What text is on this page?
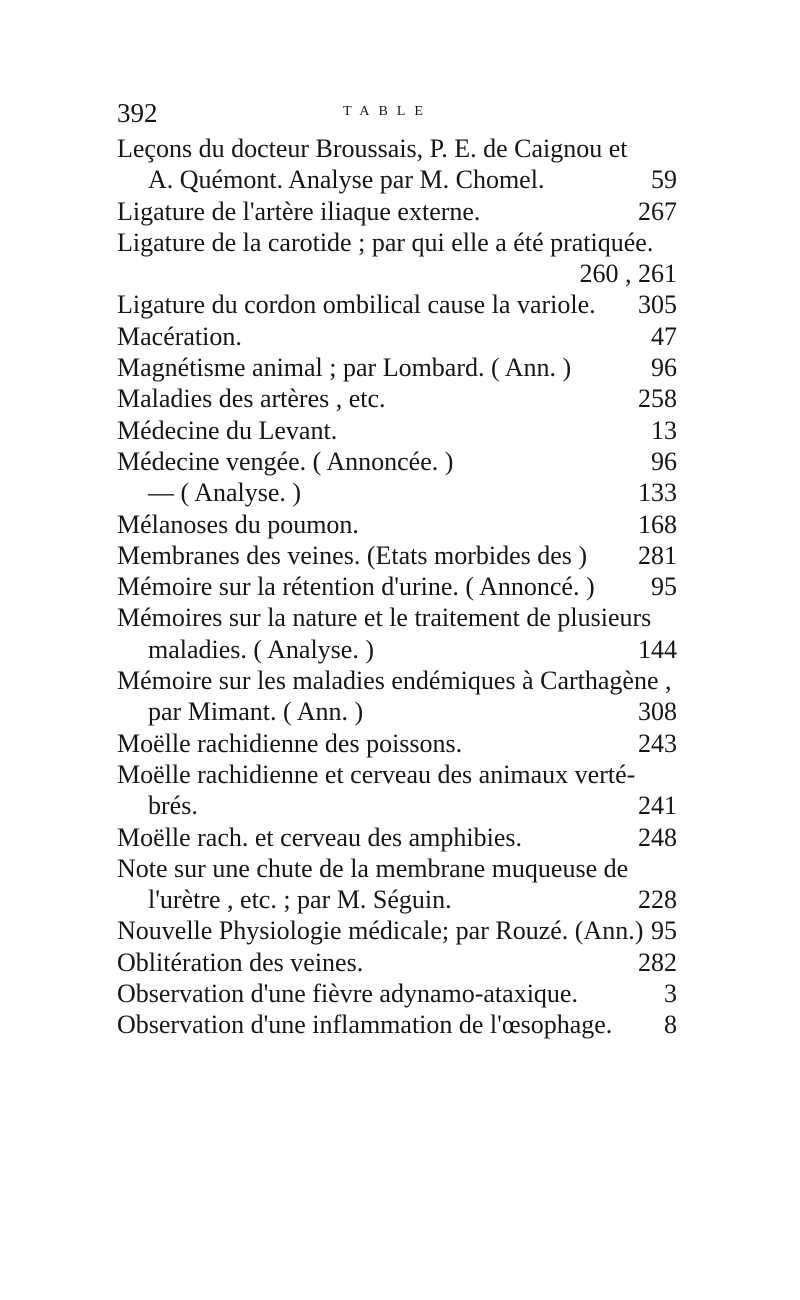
392	TABLE
Leçons du docteur Broussais, P. E. de Caignou et
A. Quémont. Analyse par M. Chomel.	59
Ligature de l'artère iliaque externe.	267
Ligature de la carotide ; par qui elle a été pratiquée.
260 , 261
Ligature du cordon ombilical cause la variole. 305
Macération.	47
Magnétisme animal ; par Lombard. ( Ann. )	96
Maladies des artères , etc.	258
Médecine du Levant.	13
Médecine vengée. ( Annoncée. )	96
— ( Analyse. )	133
Mélanoses du poumon.	168
Membranes des veines. (Etats morbides des ) 281
Mémoire sur la rétention d'urine. ( Annoncé. ) 95
Mémoires sur la nature et le traitement de plusieurs
maladies. ( Analyse. )	144
Mémoire sur les maladies endémiques à Carthagène ,
par Mimant. ( Ann. )	308
Moëlle rachidienne des poissons.	243
Moëlle rachidienne et cerveau des animaux verté-
brés.	241
Moëlle rach. et cerveau des amphibies.	248
Note sur une chute de la membrane muqueuse de
l'urètre , etc. ; par M. Séguin.	228
Nouvelle Physiologie médicale; par Rouzé. (Ann.) 95
Oblitération des veines.	282
Observation d'une fièvre adynamo-ataxique.	3
Observation d'une inflammation de l'œsophage. 8
